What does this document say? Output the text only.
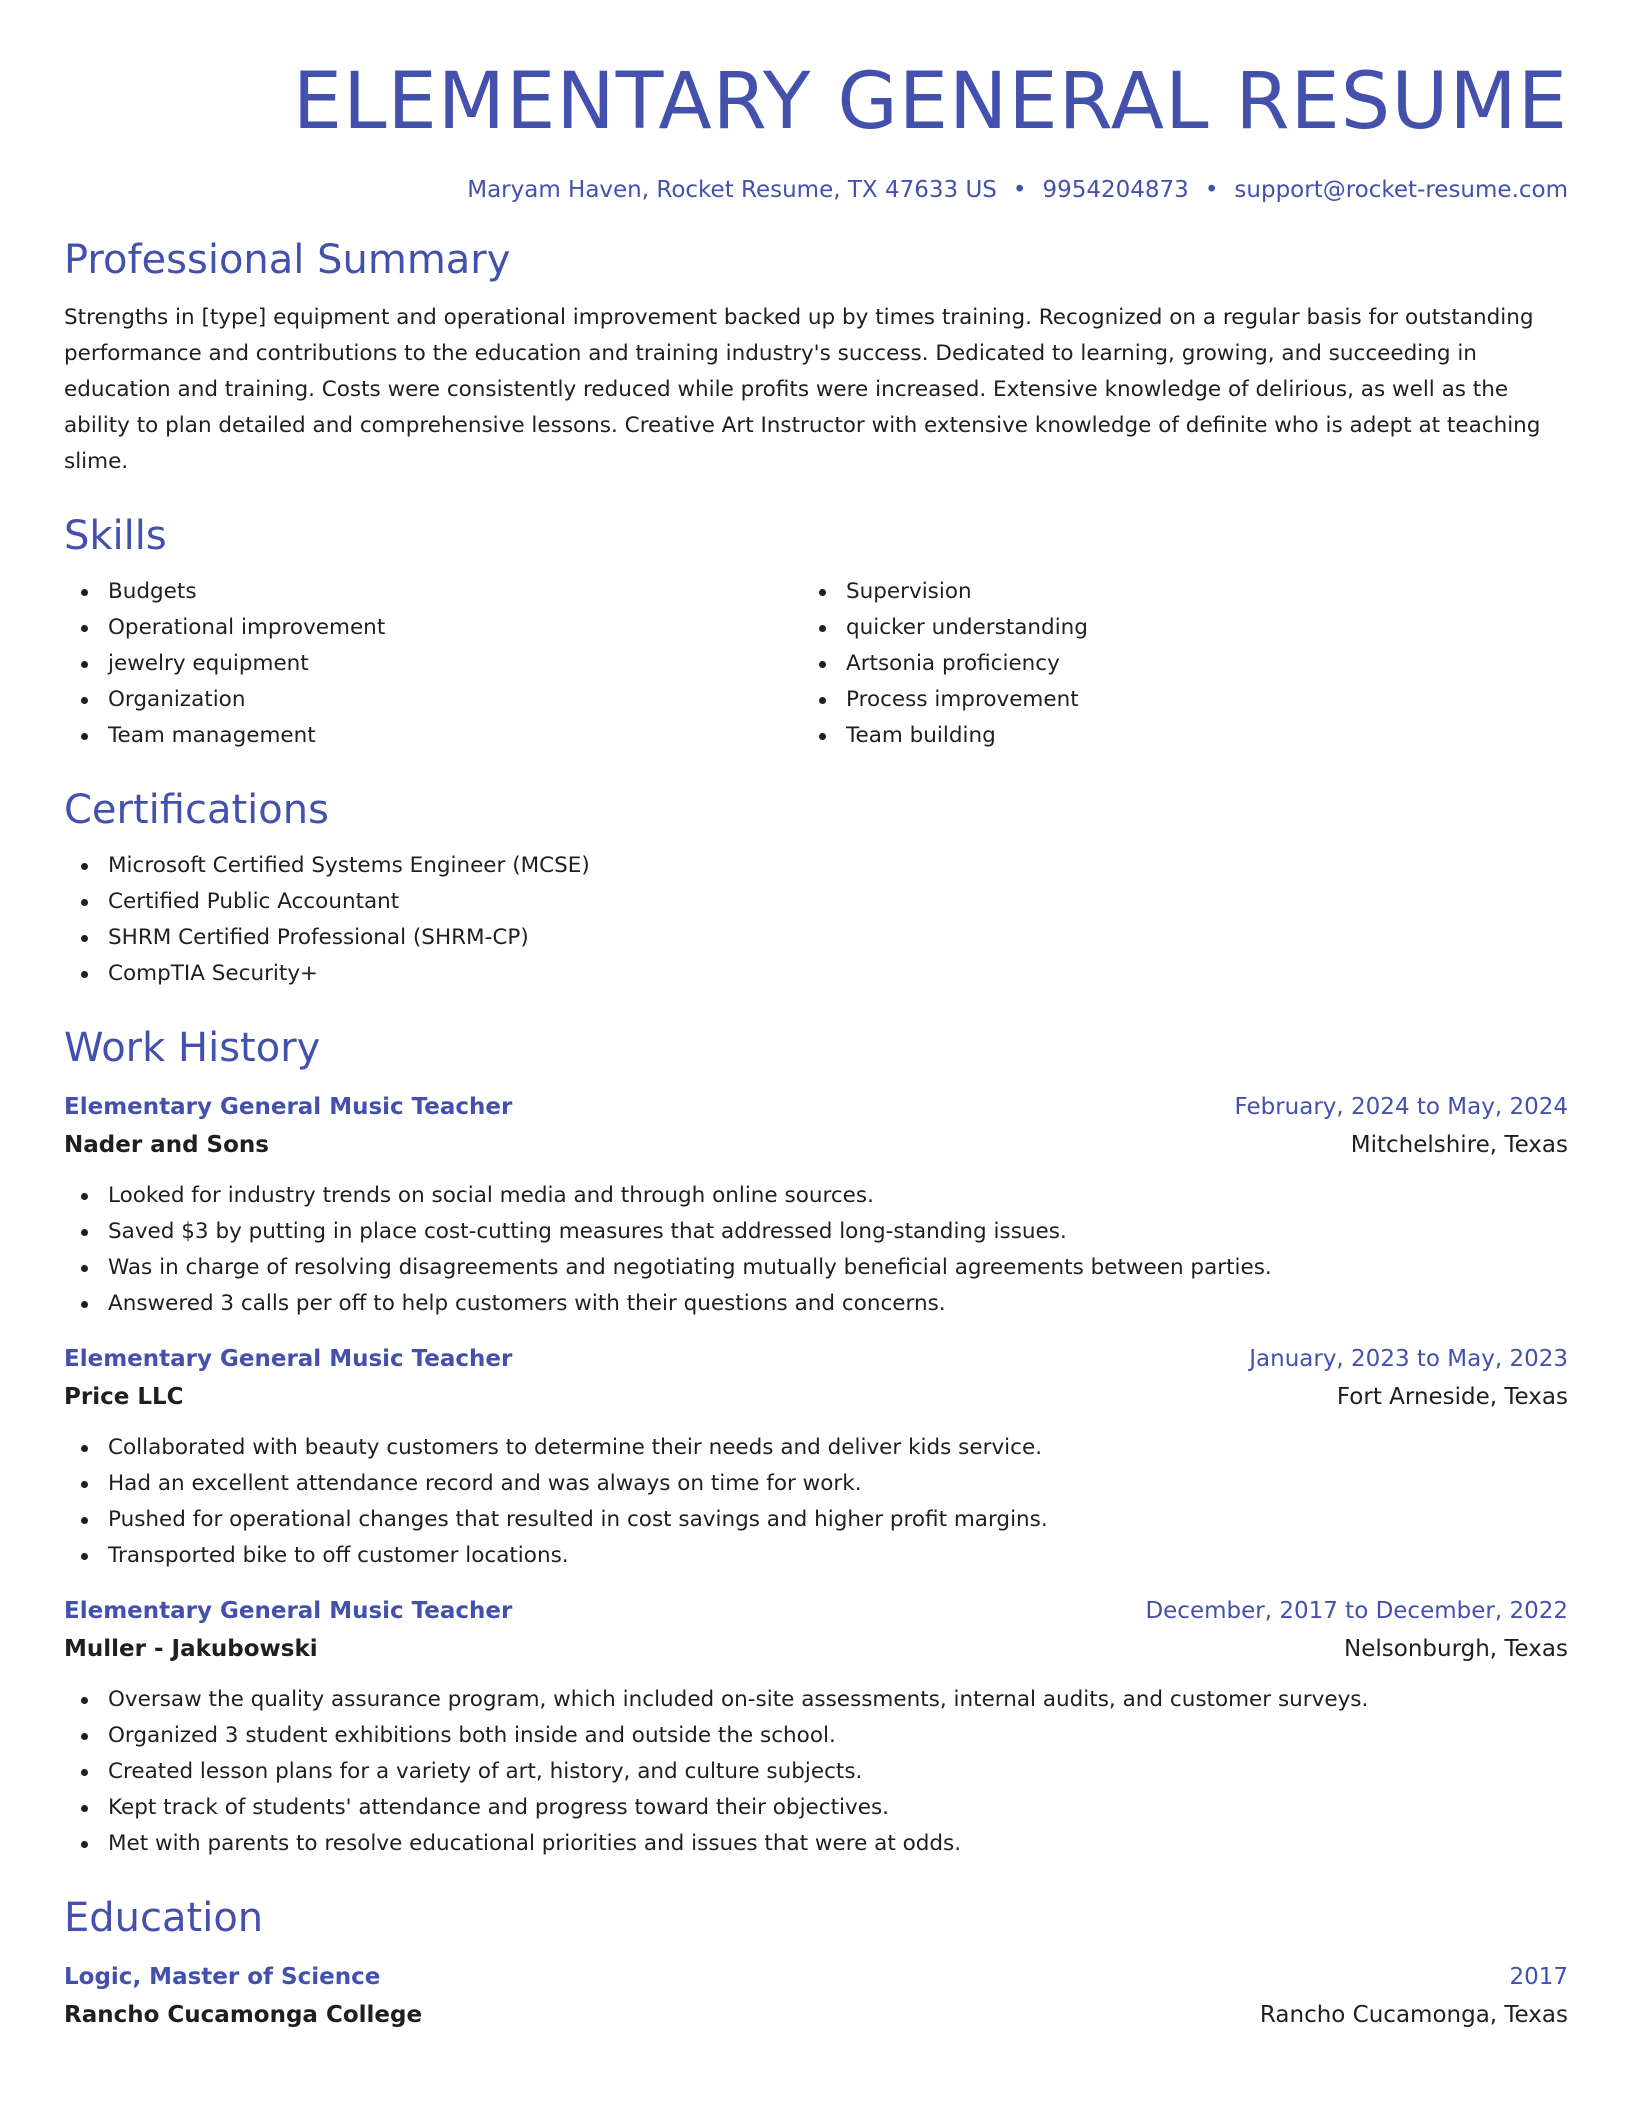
ELEMENTARY GENERAL RESUME
Maryam Haven, Rocket Resume, TX 47633 US • 9954204873 • support@rocket-resume.com
Professional Summary

Strengths in [type] equipment and operational improvement backed up by times training. Recognized on a regular basis for outstanding performance and contributions to the education and training industry's success. Dedicated to learning, growing, and succeeding in education and training. Costs were consistently reduced while profits were increased. Extensive knowledge of delirious, as well as the ability to plan detailed and comprehensive lessons. Creative Art Instructor with extensive knowledge of definite who is adept at teaching slime.

Skills
Budgets
Operational improvement
jewelry equipment
Organization
Team management
Supervision
quicker understanding
Artsonia proficiency
Process improvement
Team building
Certifications
Microsoft Certified Systems Engineer (MCSE)
Certified Public Accountant
SHRM Certified Professional (SHRM-CP)
CompTIA Security+
Work History
Elementary General Music Teacher	February, 2024 to May, 2024
Nader and Sons	Mitchelshire, Texas
Looked for industry trends on social media and through online sources.
Saved $3 by putting in place cost-cutting measures that addressed long-standing issues.
Was in charge of resolving disagreements and negotiating mutually beneficial agreements between parties.
Answered 3 calls per off to help customers with their questions and concerns.
Elementary General Music Teacher	January, 2023 to May, 2023
Price LLC	Fort Arneside, Texas
Collaborated with beauty customers to determine their needs and deliver kids service.
Had an excellent attendance record and was always on time for work.
Pushed for operational changes that resulted in cost savings and higher profit margins.
Transported bike to off customer locations.
Elementary General Music Teacher	December, 2017 to December, 2022
Muller - Jakubowski	Nelsonburgh, Texas
Oversaw the quality assurance program, which included on-site assessments, internal audits, and customer surveys.
Organized 3 student exhibitions both inside and outside the school.
Created lesson plans for a variety of art, history, and culture subjects.
Kept track of students' attendance and progress toward their objectives.
Met with parents to resolve educational priorities and issues that were at odds.
Education
Logic, Master of Science	2017
Rancho Cucamonga College	Rancho Cucamonga, Texas
